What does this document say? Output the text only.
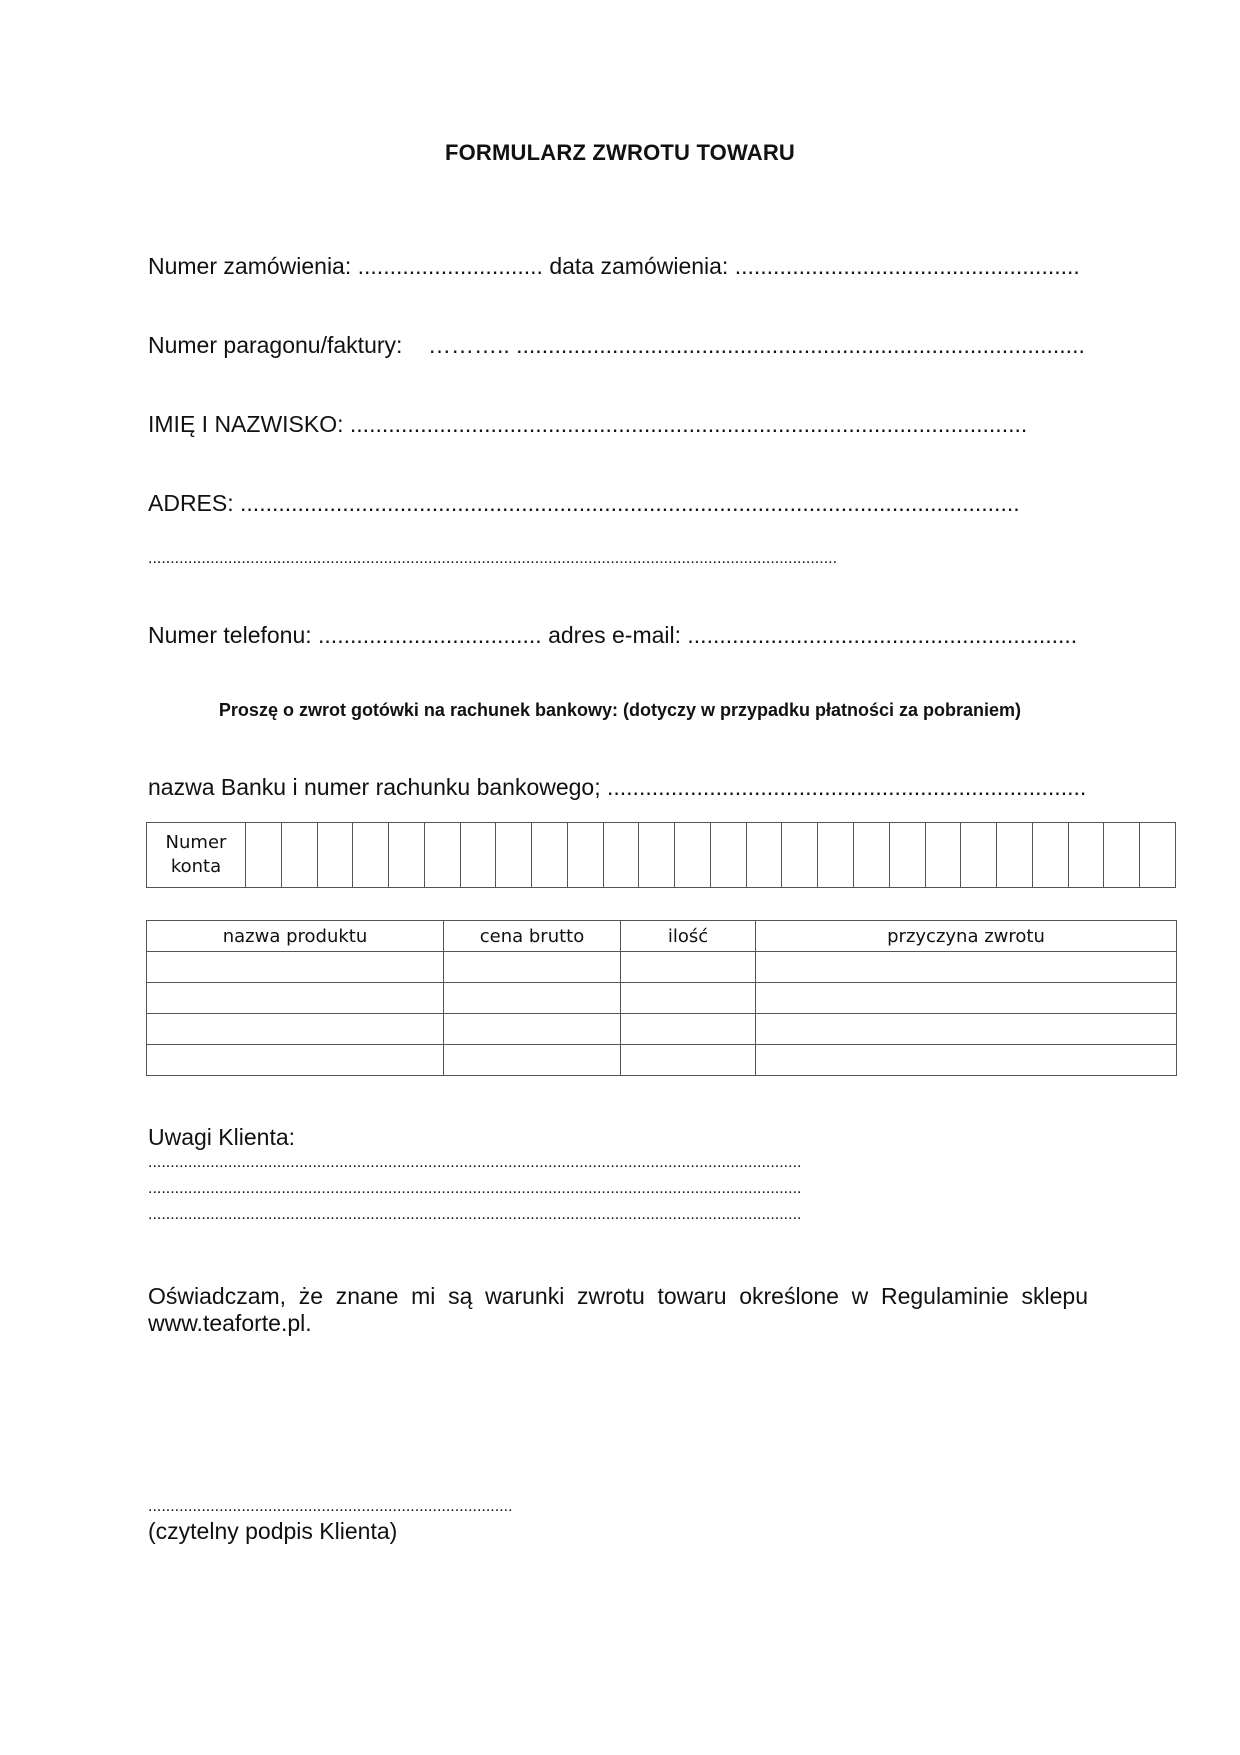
FORMULARZ ZWROTU TOWARU
Numer zamówienia: ............................. data zamówienia: ......................................................
Numer paragonu/faktury:    ……….. .........................................................................................
IMIĘ I NAZWISKO: ..........................................................................................................
ADRES: ..........................................................................................................................
...........................................................................................................................................................
Numer telefonu: ................................... adres e-mail: .............................................................
Proszę o zwrot gotówki na rachunek bankowy: (dotyczy w przypadku płatności za pobraniem)
nazwa Banku i numer rachunku bankowego; ...........................................................................
Numer
konta

nazwa produktu	cena brutto	ilość	przyczyna zwrotu

Uwagi Klienta:
...................................................................................................................................................
...................................................................................................................................................
...................................................................................................................................................
Oświadczam, że znane mi są warunki zwrotu towaru określone w Regulaminie sklepu www.teaforte.pl.
..................................................................................
(czytelny podpis Klienta)
